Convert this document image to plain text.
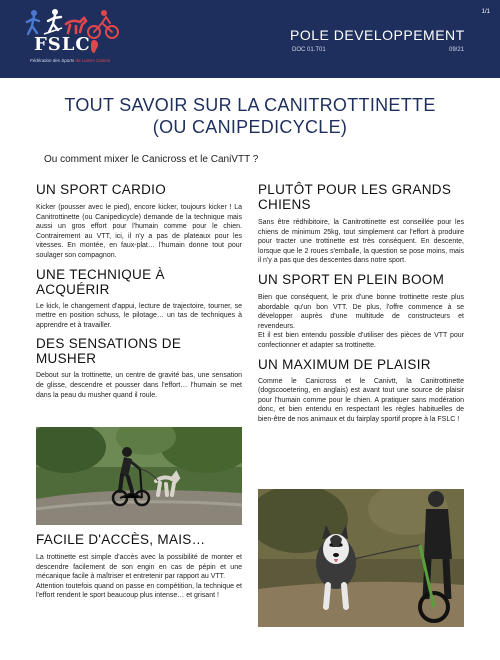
FSLC
Fédération des Sports de Loisirs Canins
1/1
POLE DEVELOPPEMENT
DOC 01.T01	09/21
TOUT SAVOIR SUR LA CANITROTTINETTE
(OU CANIPEDICYCLE)
Ou comment mixer le Canicross et le CaniVTT ?
UN SPORT CARDIO

Kicker (pousser avec le pied), encore kicker, toujours kicker ! La Canitrottinette (ou Canipedicycle) demande de la technique mais aussi un gros effort pour l'humain comme pour le chien. Contrairement au VTT, ici, il n'y a pas de plateaux pour les vitesses. En montée, en faux-plat… l'humain donne tout pour soulager son compagnon.

UNE TECHNIQUE À ACQUÉRIR

Le kick, le changement d'appui, lecture de trajectoire, tourner, se mettre en position schuss, le pilotage… un tas de techniques à apprendre et à travailler.

DES SENSATIONS DE MUSHER

Debout sur la trottinette, un centre de gravité bas, une sensation de glisse, descendre et pousser dans l'effort… l'humain se met dans la peau du musher quand il roule.

FACILE D'ACCÈS, MAIS…

La trottinette est simple d'accès avec la possibilité de monter et descendre facilement de son engin en cas de pépin et une mécanique facile à maîtriser et entretenir par rapport au VTT.

Attention toutefois quand on passe en compétition, la technique et l'effort rendent le sport beaucoup plus intense… et grisant !

PLUTÔT POUR LES GRANDS CHIENS

Sans être rédhibitoire, la Canitrottinette est conseillée pour les chiens de minimum 25kg, tout simplement car l'effort à produire pour tracter une trottinette est très conséquent. En descente, lorsque que le 2 roues s'emballe, la question se pose moins, mais il n'y a pas que des descentes dans notre sport.

UN SPORT EN PLEIN BOOM

Bien que conséquent, le prix d'une bonne trottinette reste plus abordable qu'un bon VTT. De plus, l'offre commence à se développer auprès d'une multitude de constructeurs et revendeurs.

Et il est bien entendu possible d'utiliser des pièces de VTT pour confectionner et adapter sa trottinette.

UN MAXIMUM DE PLAISIR

Comme le Canicross et le Canivtt, la Canitrottinette (dogscooetering, en anglais) est avant tout une source de plaisir pour l'humain comme pour le chien. A pratiquer sans modération donc, et bien entendu en respectant les règles habituelles de bien-être de nos animaux et du fairplay sportif propre à la FSLC !
